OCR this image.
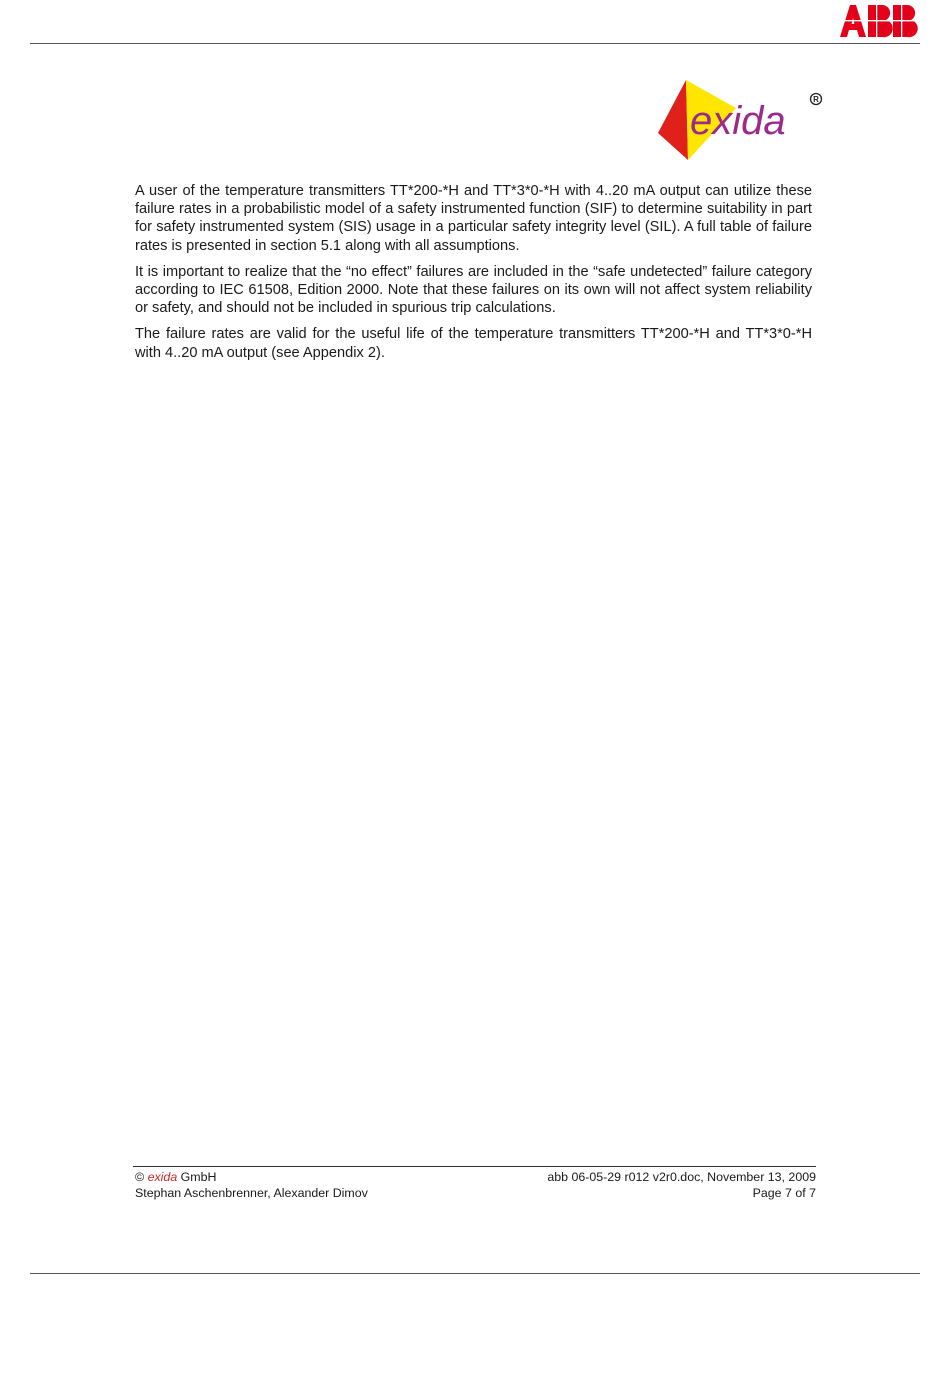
ABB
exida	R

A user of the temperature transmitters TT*200-*H and TT*3*0-*H with 4..20 mA output can utilize these failure rates in a probabilistic model of a safety instrumented function (SIF) to determine suitability in part for safety instrumented system (SIS) usage in a particular safety integrity level (SIL). A full table of failure rates is presented in section 5.1 along with all assumptions.

It is important to realize that the “no effect” failures are included in the “safe undetected” failure category according to IEC 61508, Edition 2000. Note that these failures on its own will not affect system reliability or safety, and should not be included in spurious trip calculations.

The failure rates are valid for the useful life of the temperature transmitters TT*200-*H and TT*3*0-*H with 4..20 mA output (see Appendix 2).

© exida GmbH
Stephan Aschenbrenner, Alexander Dimov
abb 06-05-29 r012 v2r0.doc, November 13, 2009
Page 7 of 7
